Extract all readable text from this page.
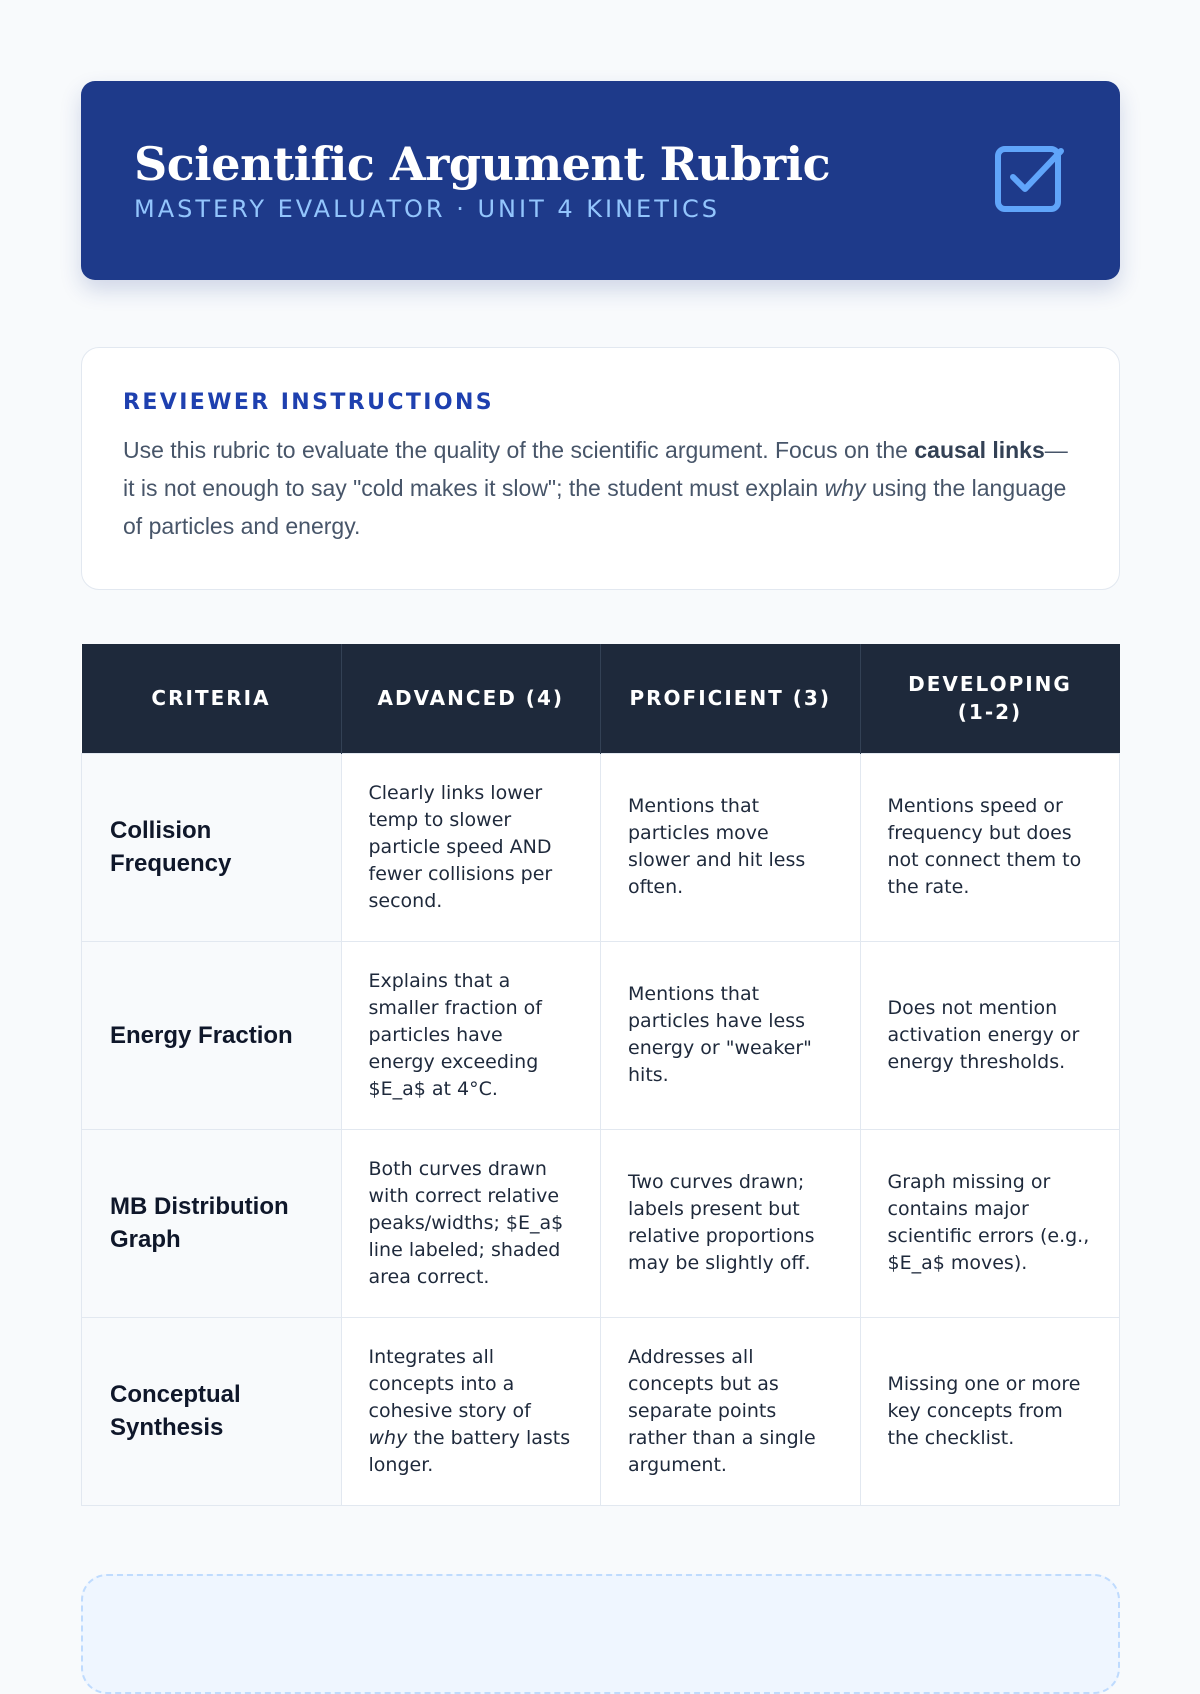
Scientific Argument Rubric
MASTERY EVALUATOR · UNIT 4 KINETICS
REVIEWER INSTRUCTIONS

Use this rubric to evaluate the quality of the scientific argument. Focus on the causal links—it is not enough to say "cold makes it slow"; the student must explain why using the language of particles and energy.

CRITERIA	ADVANCED (4)	PROFICIENT (3)	DEVELOPING (1-2)
Collision Frequency	Clearly links lower temp to slower particle speed AND fewer collisions per second.	Mentions that particles move slower and hit less often.	Mentions speed or frequency but does not connect them to the rate.
Energy Fraction	Explains that a smaller fraction of particles have energy exceeding $E_a$ at 4°C.	Mentions that particles have less energy or "weaker" hits.	Does not mention activation energy or energy thresholds.
MB Distribution Graph	Both curves drawn with correct relative peaks/widths; $E_a$ line labeled; shaded area correct.	Two curves drawn; labels present but relative proportions may be slightly off.	Graph missing or contains major scientific errors (e.g., $E_a$ moves).
Conceptual Synthesis	Integrates all concepts into a cohesive story of why the battery lasts longer.	Addresses all concepts but as separate points rather than a single argument.	Missing one or more key concepts from the checklist.
